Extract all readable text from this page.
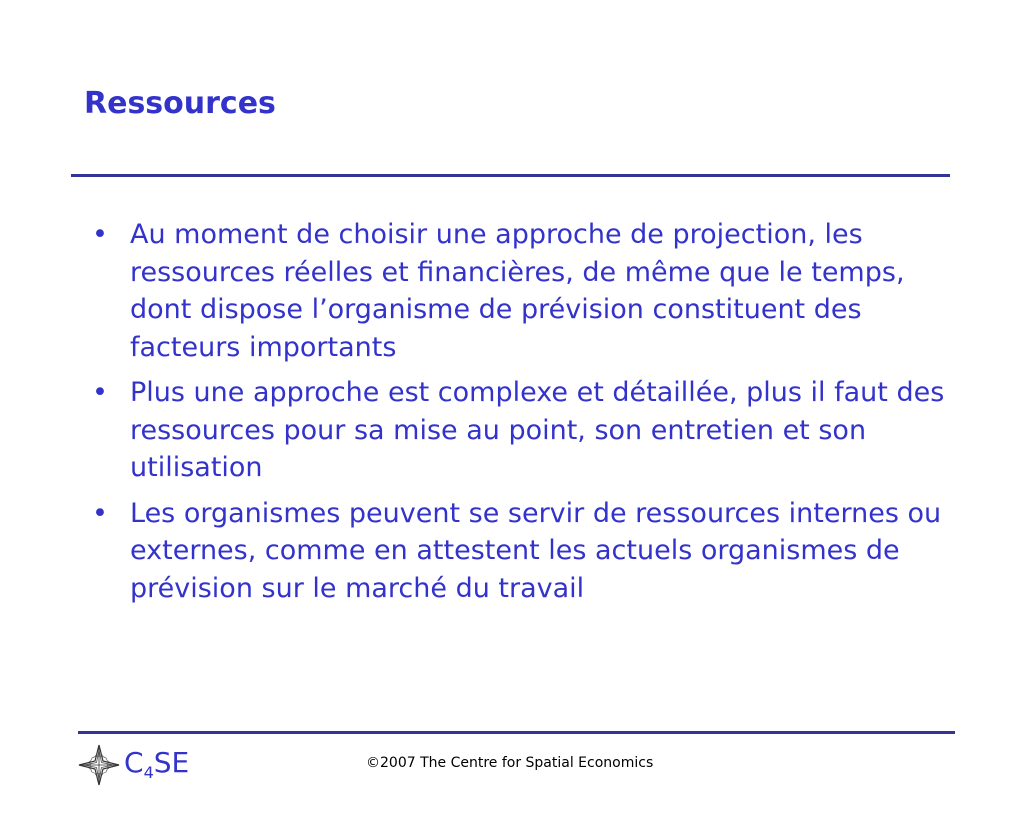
Ressources
• Au moment de choisir une approche de projection, les ressources réelles et financières, de même que le temps, dont dispose l’organisme de prévision constituent des facteurs importants
• Plus une approche est complexe et détaillée, plus il faut des ressources pour sa mise au point, son entretien et son utilisation
• Les organismes peuvent se servir de ressources internes ou externes, comme en attestent les actuels organismes de prévision sur le marché du travail
$C_4SE$	©2007 The Centre for Spatial Economics
